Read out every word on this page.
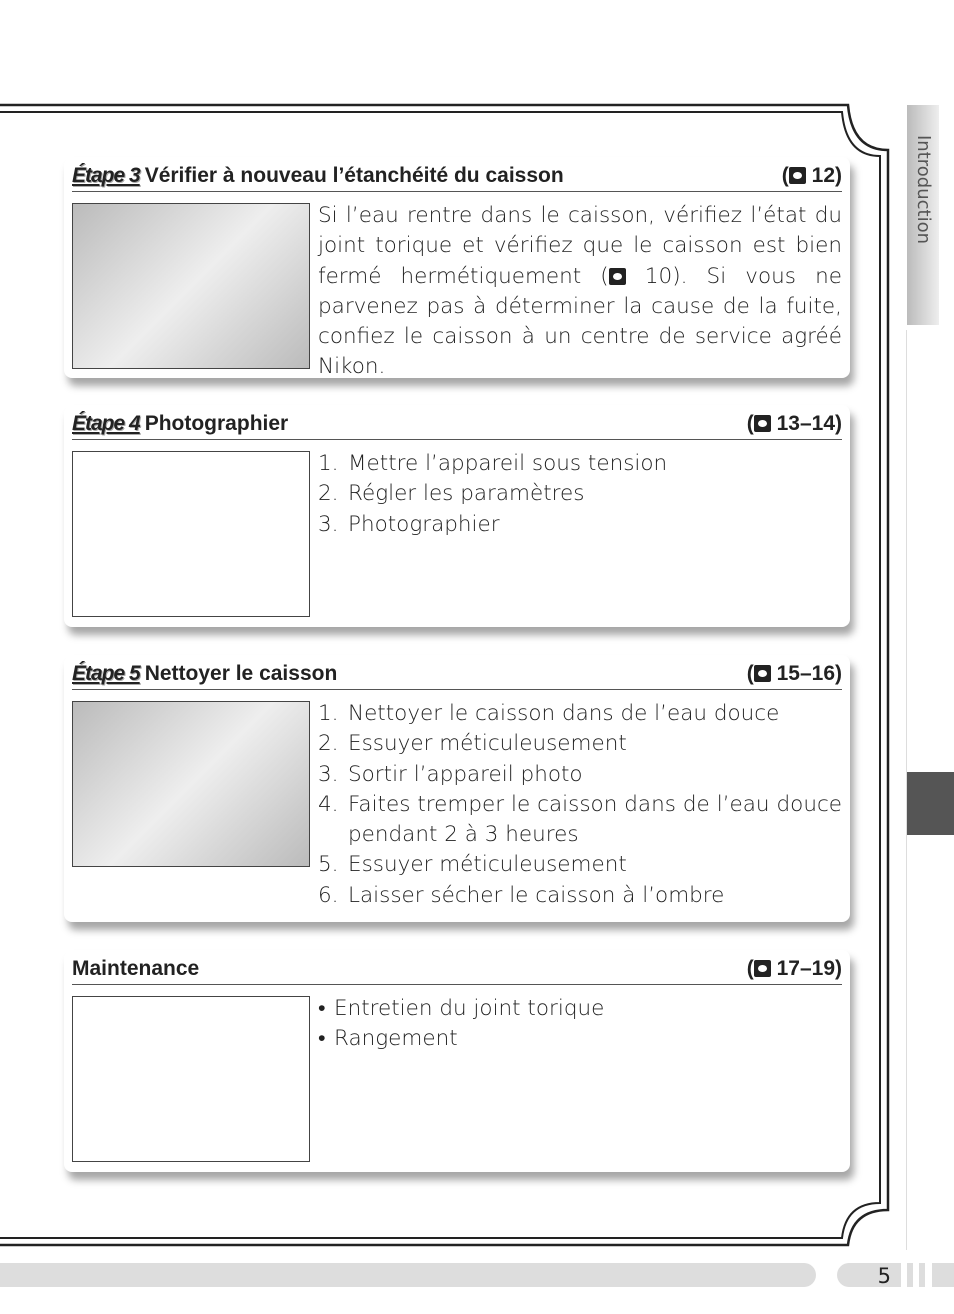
Introduction
Étape 3 Vérifier à nouveau l’étanchéité du caisson	( 12)
Si l’eau rentre dans le caisson, vérifiez l’état du joint torique et vérifiez que le caisson est bien fermé hermétiquement ( 10). Si vous ne parvenez pas à déterminer la cause de la fuite, confiez le caisson à un centre de service agréé Nikon.
Étape 4 Photographier	( 13–14)
1. Mettre l’appareil sous tension
2. Régler les paramètres
3. Photographier
Étape 5 Nettoyer le caisson	( 15–16)
1. Nettoyer le caisson dans de l’eau douce
2. Essuyer méticuleusement
3. Sortir l’appareil photo
4. Faites tremper le caisson dans de l’eau douce pendant 2 à 3 heures
5. Essuyer méticuleusement
6. Laisser sécher le caisson à l’ombre
Maintenance	( 17–19)
• Entretien du joint torique
• Rangement
5
